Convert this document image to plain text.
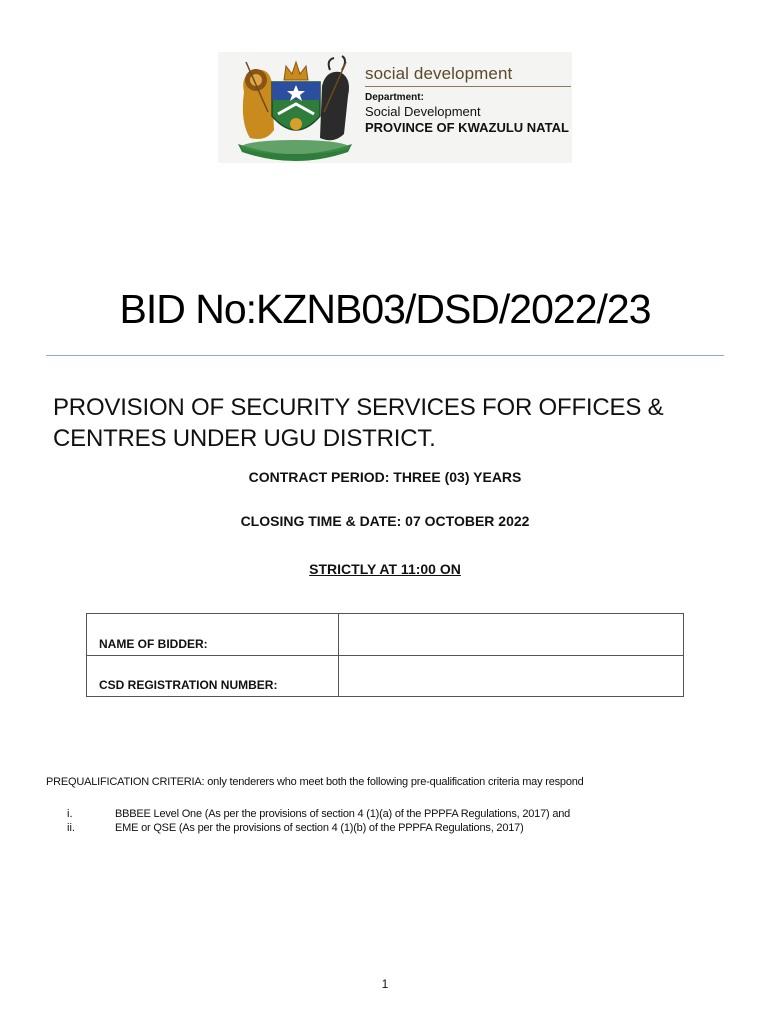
social development
Department:
Social Development
PROVINCE OF KWAZULU NATAL
BID No:KZNB03/DSD/2022/23
PROVISION OF SECURITY SERVICES FOR OFFICES &
CENTRES UNDER UGU DISTRICT.
CONTRACT PERIOD: THREE (03) YEARS
CLOSING TIME & DATE: 07 OCTOBER 2022
STRICTLY AT 11:00 ON
NAME OF BIDDER:
CSD REGISTRATION NUMBER:
PREQUALIFICATION CRITERIA: only tenderers who meet both the following pre-qualification criteria may respond
i.	BBBEE Level One (As per the provisions of section 4 (1)(a) of the PPPFA Regulations, 2017) and
ii.	EME or QSE (As per the provisions of section 4 (1)(b) of the PPPFA Regulations, 2017)
1
